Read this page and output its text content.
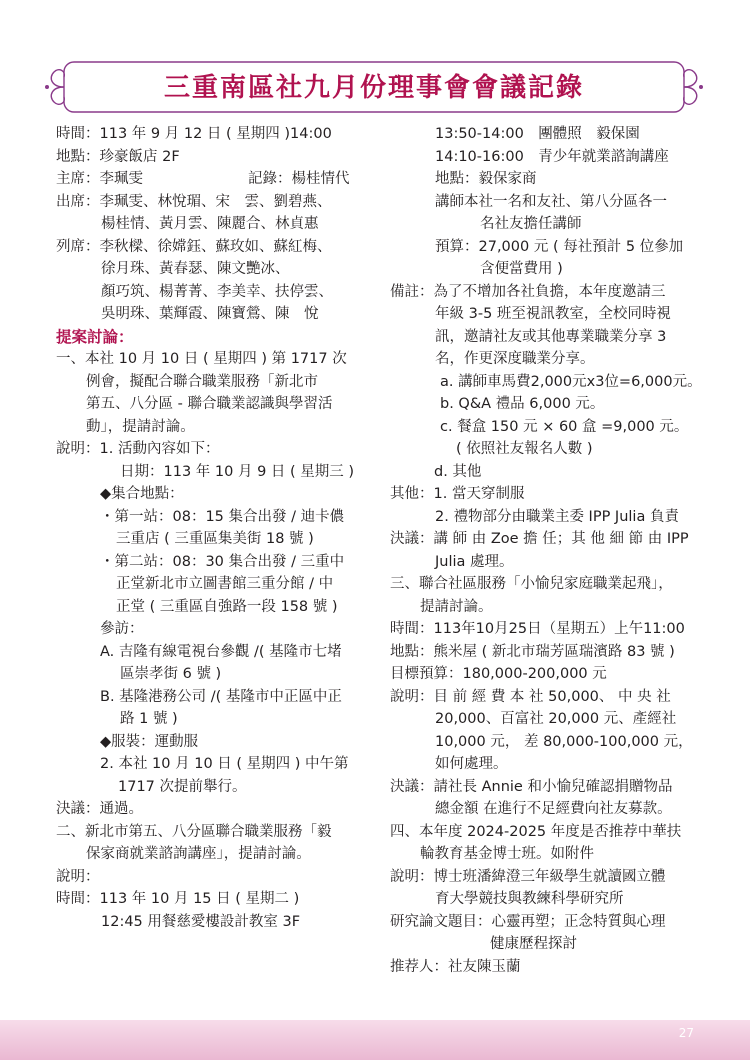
三重南區社九月份理事會會議記錄
時間：113 年 9 月 12 日 ( 星期四 )14:00
地點：珍豪飯店 2F
主席：李珮雯	記錄：楊桂情代
出席：李珮雯、林悅瑂、宋　雲、劉碧燕、
楊桂情、黃月雲、陳麗合、林貞惠
列席：李秋樑、徐嫦鈺、蘇玫如、蘇紅梅、
徐月珠、黃春瑟、陳文艷冰、
顏巧筑、楊菁菁、李美幸、扶停雲、
吳明珠、葉輝霞、陳寶鶯、陳　悅
提案討論：
一、本社 10 月 10 日 ( 星期四 ) 第 1717 次
例會，擬配合聯合職業服務「新北市
第五、八分區 - 聯合職業認識與學習活
動」，提請討論。
說明：1. 活動內容如下：
日期：113 年 10 月 9 日 ( 星期三 )
◆集合地點：
・第一站：08：15 集合出發 / 迪卡儂
三重店 ( 三重區集美街 18 號 )
・第二站：08：30 集合出發 / 三重中
正堂新北市立圖書館三重分館 / 中
正堂 ( 三重區自強路一段 158 號 )
參訪：
A. 吉隆有線電視台參觀 /( 基隆市七堵
區崇孝街 6 號 )
B. 基隆港務公司 /( 基隆市中正區中正
路 1 號 )
◆服裝：運動服
2. 本社 10 月 10 日 ( 星期四 ) 中午第
1717 次提前舉行。
決議：通過。
二、新北市第五、八分區聯合職業服務「毅
保家商就業諮詢講座」，提請討論。
說明：
時間：113 年 10 月 15 日 ( 星期二 )
12:45 用餐慈愛樓設計教室 3F
13:50-14:00　團體照　毅保園
14:10-16:00　青少年就業諮詢講座
地點：毅保家商
講師本社一名和友社、第八分區各一
名社友擔任講師
預算：27,000 元 ( 每社預計 5 位參加
含便當費用 )
備註：為了不增加各社負擔，本年度邀請三
年級 3-5 班至視訊教室，全校同時視
訊，邀請社友或其他專業職業分享 3
名，作更深度職業分享。
a. 講師車馬費2,000元x3位=6,000元。
b. Q&A 禮品 6,000 元。
c. 餐盒 150 元 × 60 盒 =9,000 元。
( 依照社友報名人數 )
d. 其他
其他：1. 當天穿制服
2. 禮物部分由職業主委 IPP Julia 負責
決議：講 師 由 Zoe 擔 任；其 他 細 節 由 IPP
Julia 處理。
三、聯合社區服務「小愉兒家庭職業起飛」，
提請討論。
時間：113年10月25日（星期五）上午11:00
地點：熊米屋 ( 新北市瑞芳區瑞濱路 83 號 )
目標預算：180,000-200,000 元
說明：目 前 經 費 本 社 50,000、 中 央 社
20,000、百富社 20,000 元、產經社
10,000 元， 差 80,000-100,000 元，
如何處理。
決議：請社長 Annie 和小愉兒確認捐贈物品
總金額 在進行不足經費向社友募款。
四、本年度 2024-2025 年度是否推荐中華扶
輪教育基金博士班。如附件
說明：博士班潘緯澄三年級學生就讀國立體
育大學競技與教練科學研究所
研究論文題目：心靈再塑；正念特質與心理
健康歷程探討
推荐人：社友陳玉蘭
27
